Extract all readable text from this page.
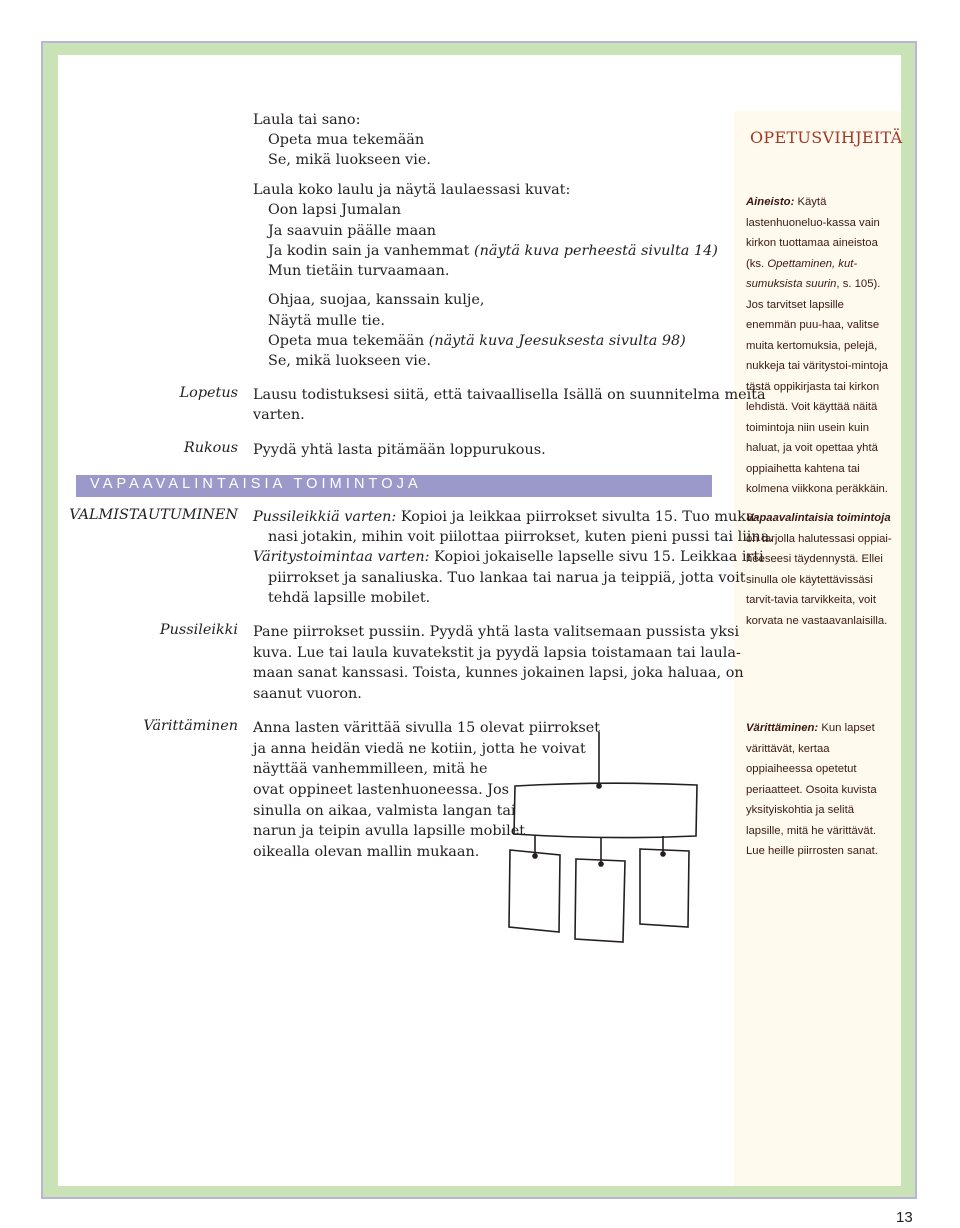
Laula tai sano:
Opeta mua tekemään
Se, mikä luokseen vie.
Laula koko laulu ja näytä laulaessasi kuvat:
Oon lapsi Jumalan
Ja saavuin päälle maan
Ja kodin sain ja vanhemmat (näytä kuva perheestä sivulta 14)
Mun tietäin turvaamaan.
Ohjaa, suojaa, kanssain kulje,
Näytä mulle tie.
Opeta mua tekemään (näytä kuva Jeesuksesta sivulta 98)
Se, mikä luokseen vie.
Lopetus Lausu todistuksesi siitä, että taivaallisella Isällä on suunnitelma meitä
varten.
Rukous Pyydä yhtä lasta pitämään loppurukous.
VAPAAVALINTAISIA TOIMINTOJA
VALMISTAUTUMINEN Pussileikkiä varten: Kopioi ja leikkaa piirrokset sivulta 15. Tuo muka-
nasi jotakin, mihin voit piilottaa piirrokset, kuten pieni pussi tai liina.
Väritystoimintaa varten: Kopioi jokaiselle lapselle sivu 15. Leikkaa irti
piirrokset ja sanaliuska. Tuo lankaa tai narua ja teippiä, jotta voit
tehdä lapsille mobilet.
Pussileikki Pane piirrokset pussiin. Pyydä yhtä lasta valitsemaan pussista yksi
kuva. Lue tai laula kuvatekstit ja pyydä lapsia toistamaan tai laula-
maan sanat kanssasi. Toista, kunnes jokainen lapsi, joka haluaa, on
saanut vuoron.
Värittäminen Anna lasten värittää sivulla 15 olevat piirrokset
ja anna heidän viedä ne kotiin, jotta he voivat
näyttää vanhemmilleen, mitä he
ovat oppineet lastenhuoneessa. Jos
sinulla on aikaa, valmista langan tai
narun ja teipin avulla lapsille mobilet
oikealla olevan mallin mukaan.
OPETUSVIHJEITÄ
Aineisto: Käytä lastenhuoneluo-kassa vain kirkon tuottamaa aineistoa (ks. Opettaminen, kut-sumuksista suurin, s. 105). Jos tarvitset lapsille enemmän puu-haa, valitse muita kertomuksia, pelejä, nukkeja tai väritystoi-mintoja tästä oppikirjasta tai kirkon lehdistä. Voit käyttää näitä toimintoja niin usein kuin haluat, ja voit opettaa yhtä oppiaihetta kahtena tai kolmena viikkona peräkkäin.
Vapaavalintaisia toimintoja
on tarjolla halutessasi oppiai-heeseesi täydennystä. Ellei sinulla ole käytettävissäsi tarvit-tavia tarvikkeita, voit korvata ne vastaavanlaisilla.
Värittäminen: Kun lapset värittävät, kertaa oppiaiheessa opetetut periaatteet. Osoita kuvista yksityiskohtia ja selitä lapsille, mitä he värittävät. Lue heille piirrosten sanat.
13
